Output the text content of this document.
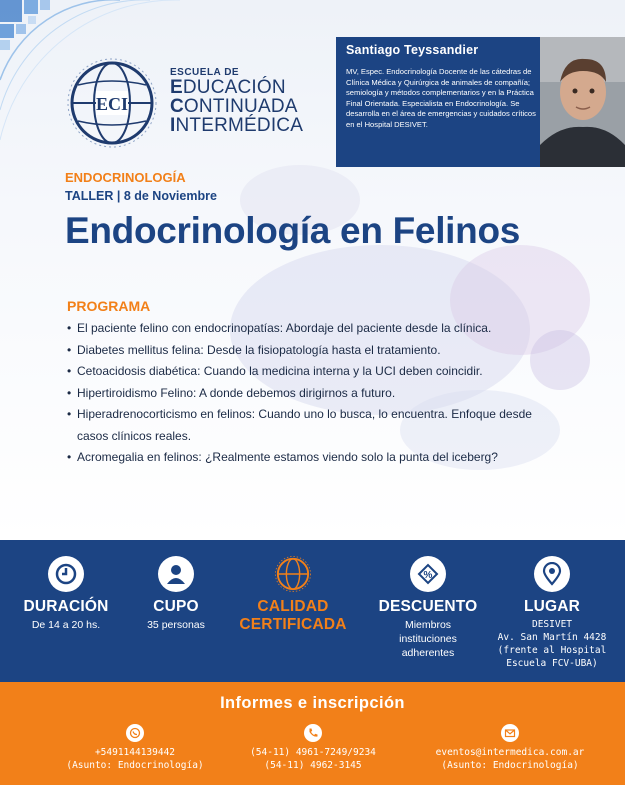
ECI
ESCUELA DE
EDUCACIÓN
CONTINUADA
INTERMÉDICA
Santiago Teyssandier
MV, Espec. Endocrinología Docente de las cátedras de Clínica Médica y Quirúrgica de animales de compañía; semiología y métodos complementarios y en la Práctica Final Orientada. Especialista en Endocrinología. Se desarrolla en el área de emergencias y cuidados críticos en el Hospital DESIVET.
ENDOCRINOLOGÍA
TALLER | 8 de Noviembre
Endocrinología en Felinos
PROGRAMA
• El paciente felino con endocrinopatías: Abordaje del paciente desde la clínica.
• Diabetes mellitus felina: Desde la fisiopatología hasta el tratamiento.
• Cetoacidosis diabética: Cuando la medicina interna y la UCI deben coincidir.
• Hipertiroidismo Felino: A donde debemos dirigirnos a futuro.
• Hiperadrenocorticismo en felinos: Cuando uno lo busca, lo encuentra. Enfoque desde casos clínicos reales.
• Acromegalia en felinos: ¿Realmente estamos viendo solo la punta del iceberg?
DURACIÓN
De 14 a 20 hs.
CUPO
35 personas
CALIDAD
CERTIFICADA
%
DESCUENTO
Miembros
instituciones
adherentes
LUGAR
DESIVET
Av. San Martín 4428
(frente al Hospital
Escuela FCV-UBA)
Informes e inscripción
+5491144139442
(Asunto: Endocrinología)
(54-11) 4961-7249/9234
(54-11) 4962-3145
eventos@intermedica.com.ar
(Asunto: Endocrinología)
